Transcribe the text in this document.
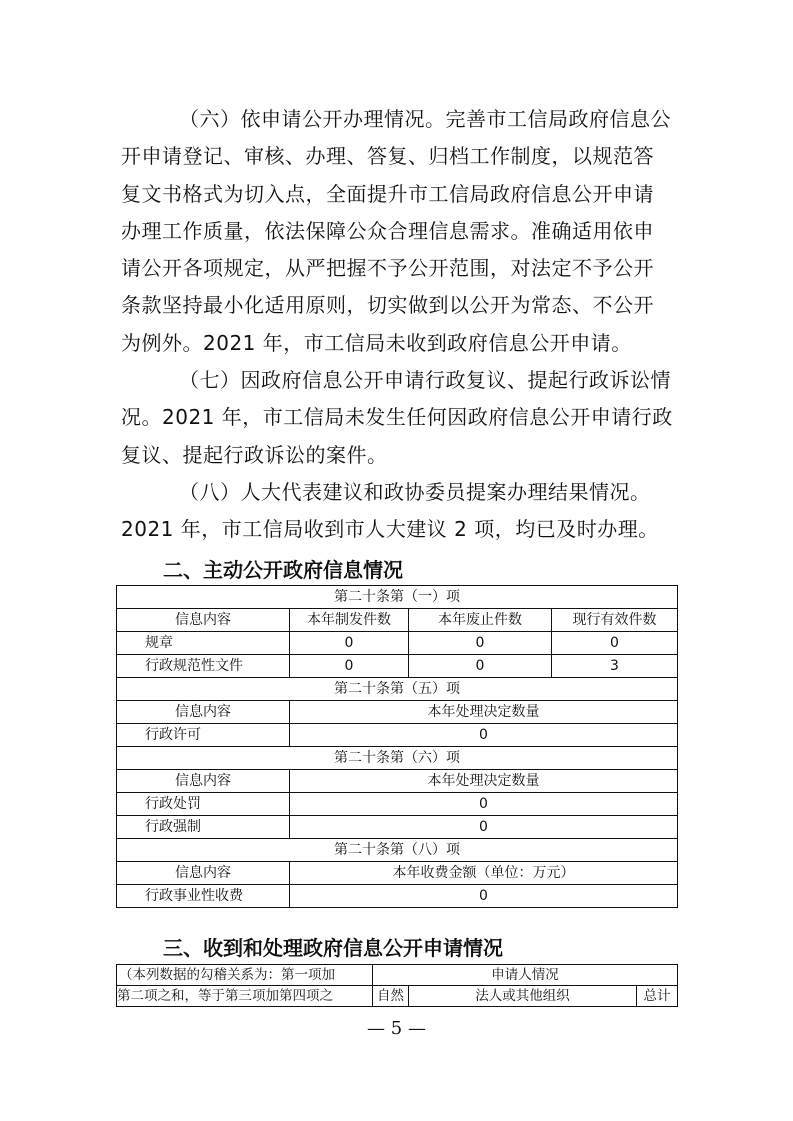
（六）依申请公开办理情况。完善市工信局政府信息公
开申请登记、审核、办理、答复、归档工作制度，以规范答
复文书格式为切入点，全面提升市工信局政府信息公开申请
办理工作质量，依法保障公众合理信息需求。准确适用依申
请公开各项规定，从严把握不予公开范围，对法定不予公开
条款坚持最小化适用原则，切实做到以公开为常态、不公开
为例外。2021 年，市工信局未收到政府信息公开申请。
（七）因政府信息公开申请行政复议、提起行政诉讼情
况。2021 年，市工信局未发生任何因政府信息公开申请行政
复议、提起行政诉讼的案件。
（八）人大代表建议和政协委员提案办理结果情况。
2021 年，市工信局收到市人大建议 2 项，均已及时办理。
二、主动公开政府信息情况
第二十条第（一）项			
信息内容	本年制发件数	本年废止件数	现行有效件数
规章	0	0	0
行政规范性文件	0	0	3
第二十条第（五）项			
信息内容	本年处理决定数量		
行政许可	0		
第二十条第（六）项			
信息内容	本年处理决定数量		
行政处罚	0		
行政强制	0		
第二十条第（八）项			
信息内容	本年收费金额（单位：万元）		
行政事业性收费	0		
三、收到和处理政府信息公开申请情况
（本列数据的勾稽关系为：第一项加	申请人情况		
第二项之和，等于第三项加第四项之	自然	法人或其他组织	总计
— 5 —
